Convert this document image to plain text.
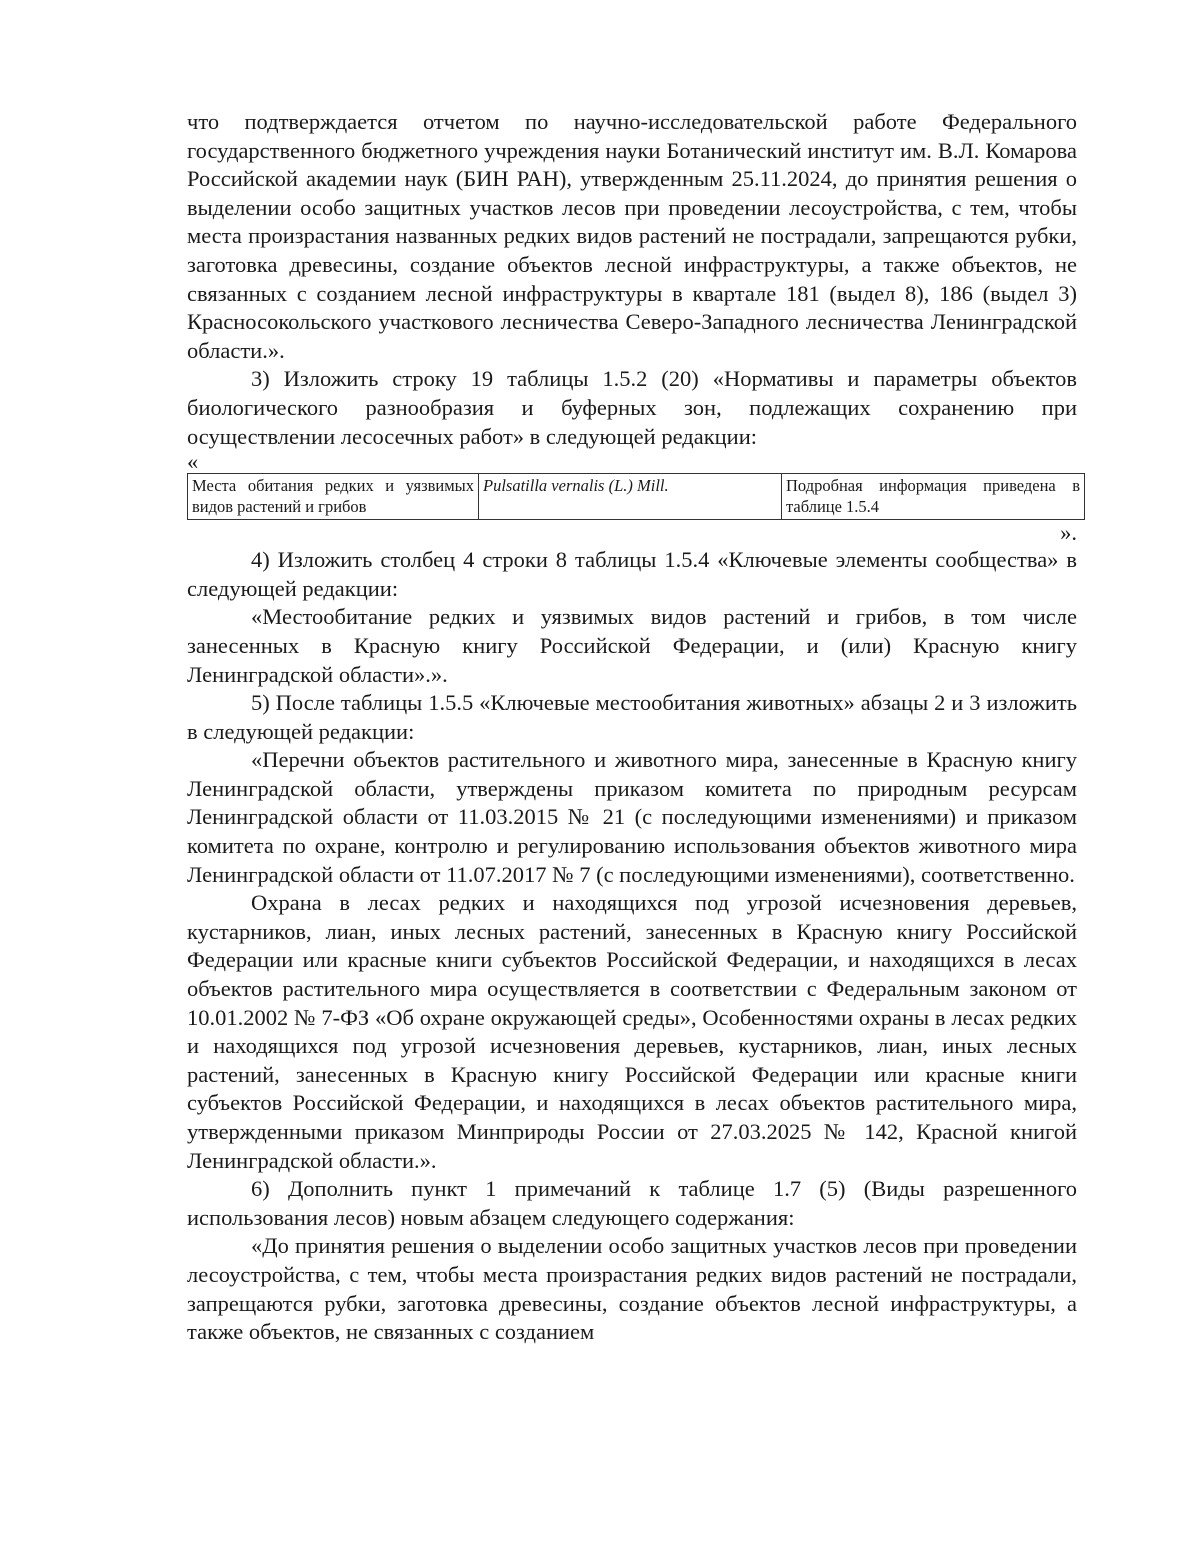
что подтверждается отчетом по научно-исследовательской работе Федерального государственного бюджетного учреждения науки Ботанический институт им. В.Л. Комарова Российской академии наук (БИН РАН), утвержденным 25.11.2024, до принятия решения о выделении особо защитных участков лесов при проведении лесоустройства, с тем, чтобы места произрастания названных редких видов растений не пострадали, запрещаются рубки, заготовка древесины, создание объектов лесной инфраструктуры, а также объектов, не связанных с созданием лесной инфраструктуры в квартале 181 (выдел 8), 186 (выдел 3) Красносокольского участкового лесничества Северо-Западного лесничества Ленинградской области.».

3) Изложить строку 19 таблицы 1.5.2 (20) «Нормативы и параметры объектов биологического разнообразия и буферных зон, подлежащих сохранению при осуществлении лесосечных работ» в следующей редакции:

«

Места обитания редких и уязвимых видов растений и грибов	Pulsatilla vernalis (L.) Mill.	Подробная информация приведена в таблице 1.5.4

».

4) Изложить столбец 4 строки 8 таблицы 1.5.4 «Ключевые элементы сообщества» в следующей редакции:

«Местообитание редких и уязвимых видов растений и грибов, в том числе занесенных в Красную книгу Российской Федерации, и (или) Красную книгу Ленинградской области».».

5) После таблицы 1.5.5 «Ключевые местообитания животных» абзацы 2 и 3 изложить в следующей редакции:

«Перечни объектов растительного и животного мира, занесенные в Красную книгу Ленинградской области, утверждены приказом комитета по природным ресурсам Ленинградской области от 11.03.2015 № 21 (с последующими изменениями) и приказом комитета по охране, контролю и регулированию использования объектов животного мира Ленинградской области от 11.07.2017 № 7 (с последующими изменениями), соответственно.

Охрана в лесах редких и находящихся под угрозой исчезновения деревьев, кустарников, лиан, иных лесных растений, занесенных в Красную книгу Российской Федерации или красные книги субъектов Российской Федерации, и находящихся в лесах объектов растительного мира осуществляется в соответствии с Федеральным законом от 10.01.2002 № 7-ФЗ «Об охране окружающей среды», Особенностями охраны в лесах редких и находящихся под угрозой исчезновения деревьев, кустарников, лиан, иных лесных растений, занесенных в Красную книгу Российской Федерации или красные книги субъектов Российской Федерации, и находящихся в лесах объектов растительного мира, утвержденными приказом Минприроды России от 27.03.2025 № 142, Красной книгой Ленинградской области.».

6) Дополнить пункт 1 примечаний к таблице 1.7 (5) (Виды разрешенного использования лесов) новым абзацем следующего содержания:

«До принятия решения о выделении особо защитных участков лесов при проведении лесоустройства, с тем, чтобы места произрастания редких видов растений не пострадали, запрещаются рубки, заготовка древесины, создание объектов лесной инфраструктуры, а также объектов, не связанных с созданием
